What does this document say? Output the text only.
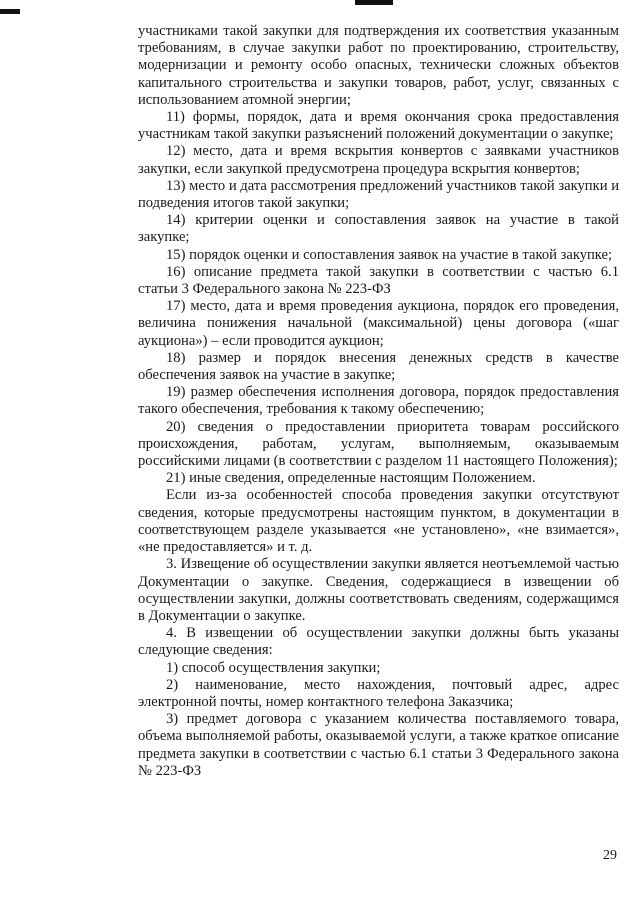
участниками такой закупки для подтверждения их соответствия указанным требованиям, в случае закупки работ по проектированию, строительству, модернизации и ремонту особо опасных, технически сложных объектов капитального строительства и закупки товаров, работ, услуг, связанных с использованием атомной энергии;

11) формы, порядок, дата и время окончания срока предоставления участникам такой закупки разъяснений положений документации о закупке;

12) место, дата и время вскрытия конвертов с заявками участников закупки, если закупкой предусмотрена процедура вскрытия конвертов;

13) место и дата рассмотрения предложений участников такой закупки и подведения итогов такой закупки;

14) критерии оценки и сопоставления заявок на участие в такой закупке;

15) порядок оценки и сопоставления заявок на участие в такой закупке;

16) описание предмета такой закупки в соответствии с частью 6.1 статьи 3 Федерального закона № 223-ФЗ

17) место, дата и время проведения аукциона, порядок его проведения, величина понижения начальной (максимальной) цены договора («шаг аукциона») – если проводится аукцион;

18) размер и порядок внесения денежных средств в качестве обеспечения заявок на участие в закупке;

19) размер обеспечения исполнения договора, порядок предоставления такого обеспечения, требования к такому обеспечению;

20) сведения о предоставлении приоритета товарам российского происхождения, работам, услугам, выполняемым, оказываемым российскими лицами (в соответствии с разделом 11 настоящего Положения);

21) иные сведения, определенные настоящим Положением.

Если из-за особенностей способа проведения закупки отсутствуют сведения, которые предусмотрены настоящим пунктом, в документации в соответствующем разделе указывается «не установлено», «не взимается», «не предоставляется» и т. д.

3. Извещение об осуществлении закупки является неотъемлемой частью Документации о закупке. Сведения, содержащиеся в извещении об осуществлении закупки, должны соответствовать сведениям, содержащимся в Документации о закупке.

4. В извещении об осуществлении закупки должны быть указаны следующие сведения:

1) способ осуществления закупки;

2) наименование, место нахождения, почтовый адрес, адрес электронной почты, номер контактного телефона Заказчика;

3) предмет договора с указанием количества поставляемого товара, объема выполняемой работы, оказываемой услуги, а также краткое описание предмета закупки в соответствии с частью 6.1 статьи 3 Федерального закона № 223-ФЗ

29
